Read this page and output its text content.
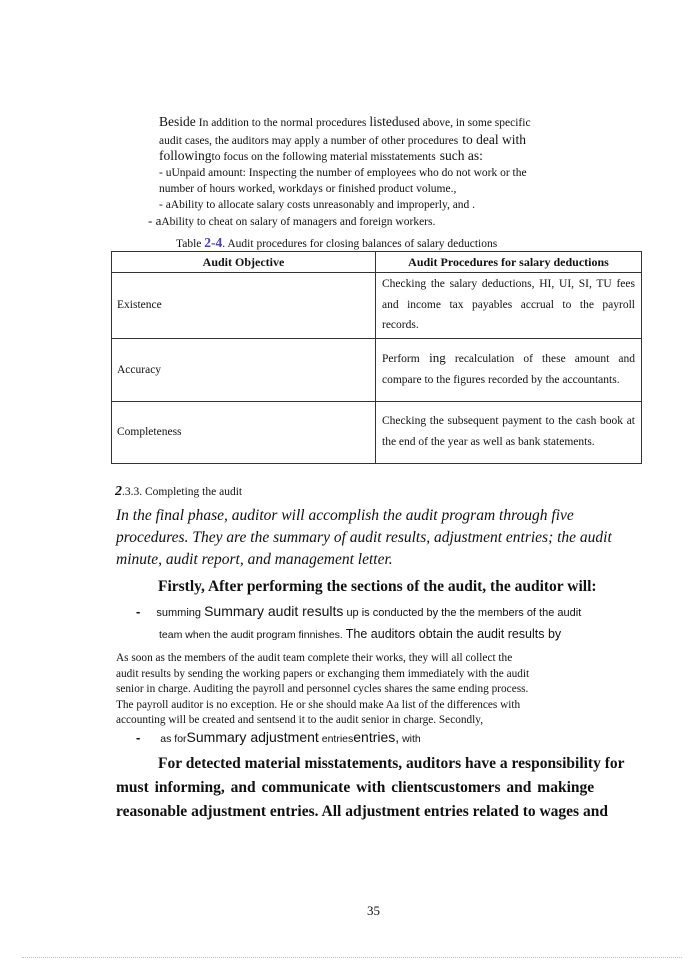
Beside In addition to the normal procedures listedused above, in some specific
audit cases, the auditors may apply a number of other procedures to deal with
followingto focus on the following material misstatements such as:
- uUnpaid amount: Inspecting the number of employees who do not work or the
number of hours worked, workdays or finished product volume.,
- aAbility to allocate salary costs unreasonably and improperly, and .
- aAbility to cheat on salary of managers and foreign workers.
Table 2-4. Audit procedures for closing balances of salary deductions
Audit Objective	Audit Procedures for salary deductions
Existence	Checking the salary deductions, HI, UI, SI, TU fees and income tax payables accrual to the payroll records.
Accuracy	Perform ing recalculation of these amount and compare to the figures recorded by the accountants.
Completeness	Checking the subsequent payment to the cash book at the end of the year as well as bank statements.
2.3.3. Completing the audit
In the final phase, auditor will accomplish the audit program through five
procedures. They are the summary of audit results, adjustment entries; the audit
minute, audit report, and management letter.
Firstly, After performing the sections of the audit, the auditor will:
- summing Summary audit results up is conducted by the the members of the audit
team when the audit program finnishes. The auditors obtain the audit results by
As soon as the members of the audit team complete their works, they will all collect the
audit results by sending the working papers or exchanging them immediately with the audit
senior in charge. Auditing the payroll and personnel cycles shares the same ending process.
The payroll auditor is no exception. He or she should make Aa list of the differences with
accounting will be created and sentsend it to the audit senior in charge. Secondly,
- as forSummary adjustment entriesentries, with
For detected material misstatements, auditors have a responsibility for
must informing, and communicate with clientscustomers and makinge
reasonable adjustment entries. All adjustment entries related to wages and
35
